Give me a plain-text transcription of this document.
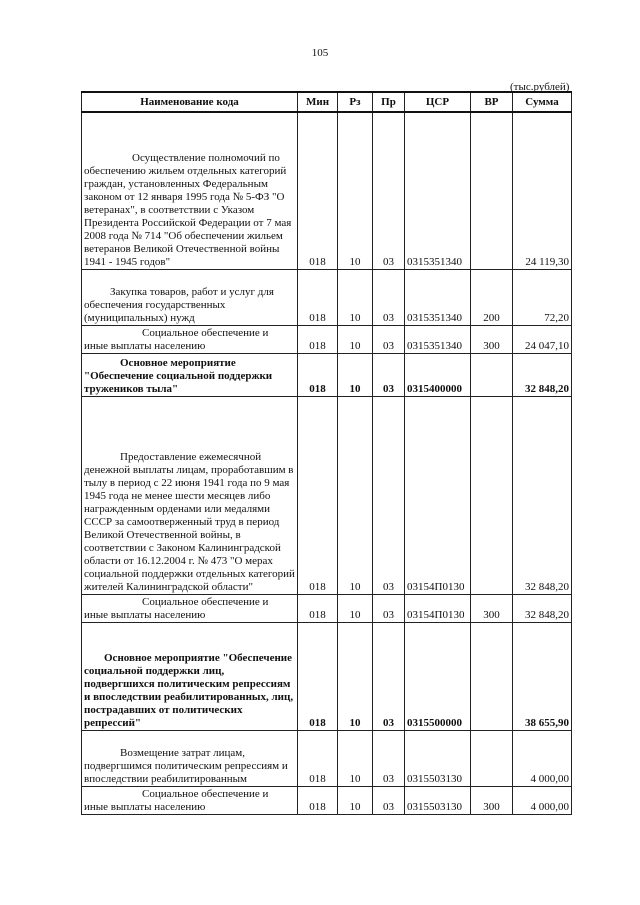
105
(тыс.рублей)
Наименование кода	Мин	Рз	Пр	ЦСР	ВР	Сумма
Осуществление полномочий по обеспечению жильем отдельных категорий граждан, установленных Федеральным законом от 12 января 1995 года № 5-ФЗ "О ветеранах", в соответствии с Указом Президента Российской Федерации от 7 мая 2008 года № 714 "Об обеспечении жильем ветеранов Великой Отечественной войны 1941 - 1945 годов"	018	10	03	0315351340		24 119,30
Закупка товаров, работ и услуг для обеспечения государственных (муниципальных) нужд	018	10	03	0315351340	200	72,20
Социальное обеспечение и иные выплаты населению	018	10	03	0315351340	300	24 047,10
Основное мероприятие "Обеспечение социальной поддержки тружеников тыла"	018	10	03	0315400000		32 848,20
Предоставление ежемесячной денежной выплаты лицам, проработавшим в тылу в период с 22 июня 1941 года по 9 мая 1945 года не менее шести месяцев либо награжденным орденами или медалями СССР за самоотверженный труд в период Великой Отечественной войны, в соответствии с Законом Калининградской области от 16.12.2004 г. № 473 "О мерах социальной поддержки отдельных категорий жителей Калининградской области"	018	10	03	03154П0130		32 848,20
Социальное обеспечение и иные выплаты населению	018	10	03	03154П0130	300	32 848,20
Основное мероприятие "Обеспечение социальной поддержки лиц, подвергшихся политическим репрессиям и впоследствии реабилитированных, лиц, пострадавших от политических репрессий"	018	10	03	0315500000		38 655,90
Возмещение затрат лицам, подвергшимся политическим репрессиям и впоследствии реабилитированным	018	10	03	0315503130		4 000,00
Социальное обеспечение и иные выплаты населению	018	10	03	0315503130	300	4 000,00
